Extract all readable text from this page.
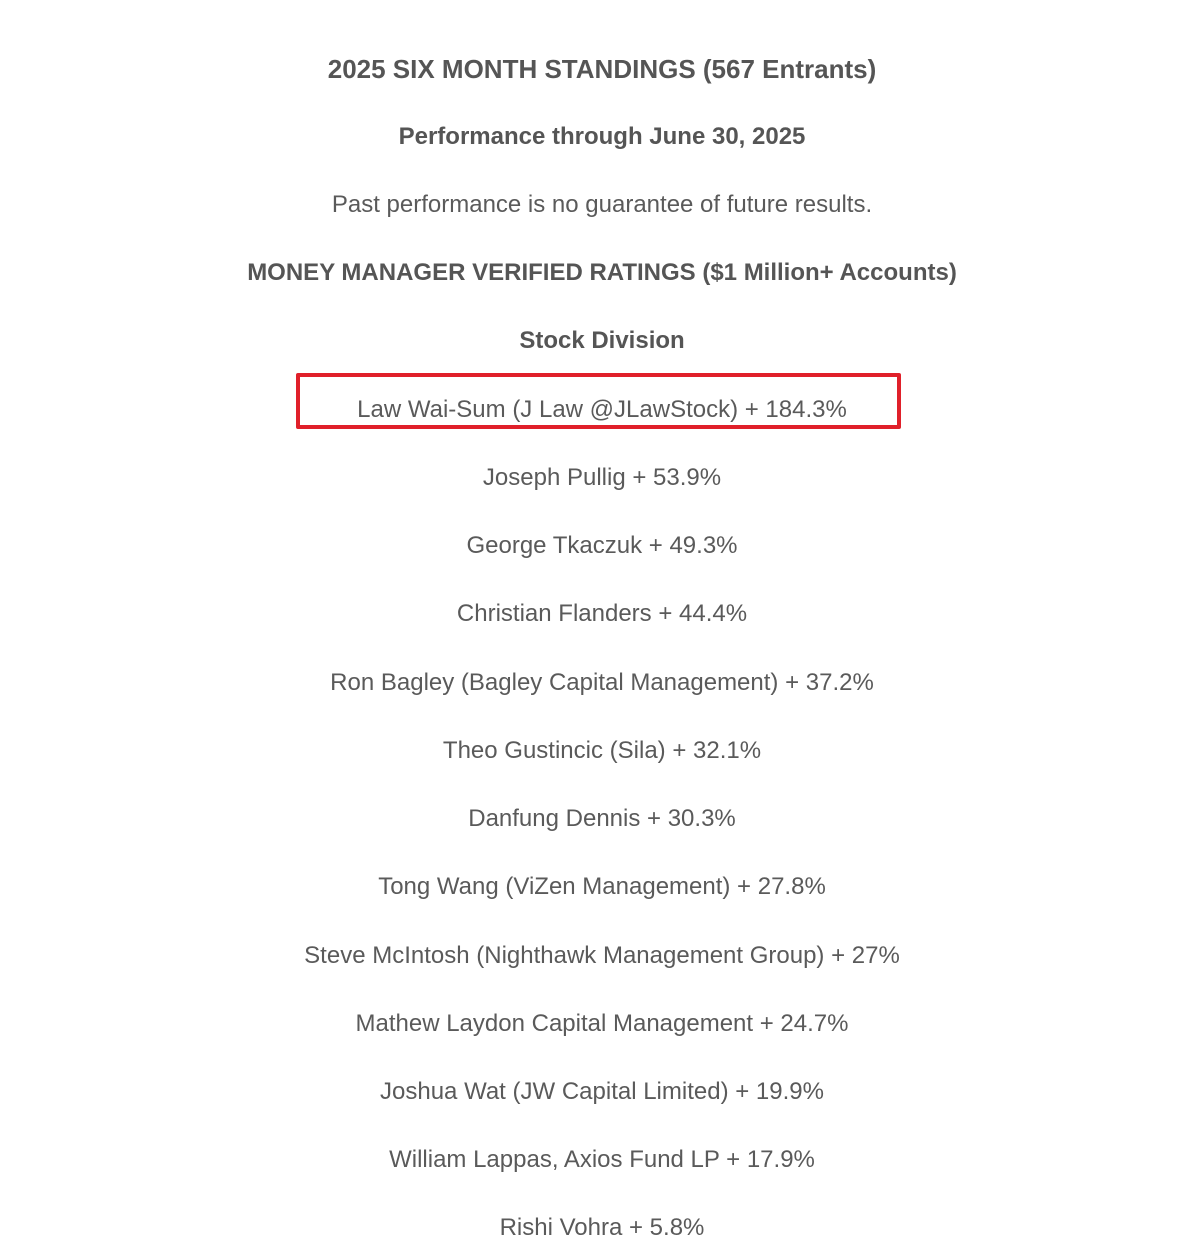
2025 SIX MONTH STANDINGS (567 Entrants)
Performance through June 30, 2025
Past performance is no guarantee of future results.
MONEY MANAGER VERIFIED RATINGS ($1 Million+ Accounts)
Stock Division
Law Wai-Sum (J Law @JLawStock) + 184.3%
Joseph Pullig + 53.9%
George Tkaczuk + 49.3%
Christian Flanders + 44.4%
Ron Bagley (Bagley Capital Management) + 37.2%
Theo Gustincic (Sila) + 32.1%
Danfung Dennis + 30.3%
Tong Wang (ViZen Management) + 27.8%
Steve McIntosh (Nighthawk Management Group) + 27%
Mathew Laydon Capital Management + 24.7%
Joshua Wat (JW Capital Limited) + 19.9%
William Lappas, Axios Fund LP + 17.9%
Rishi Vohra + 5.8%
